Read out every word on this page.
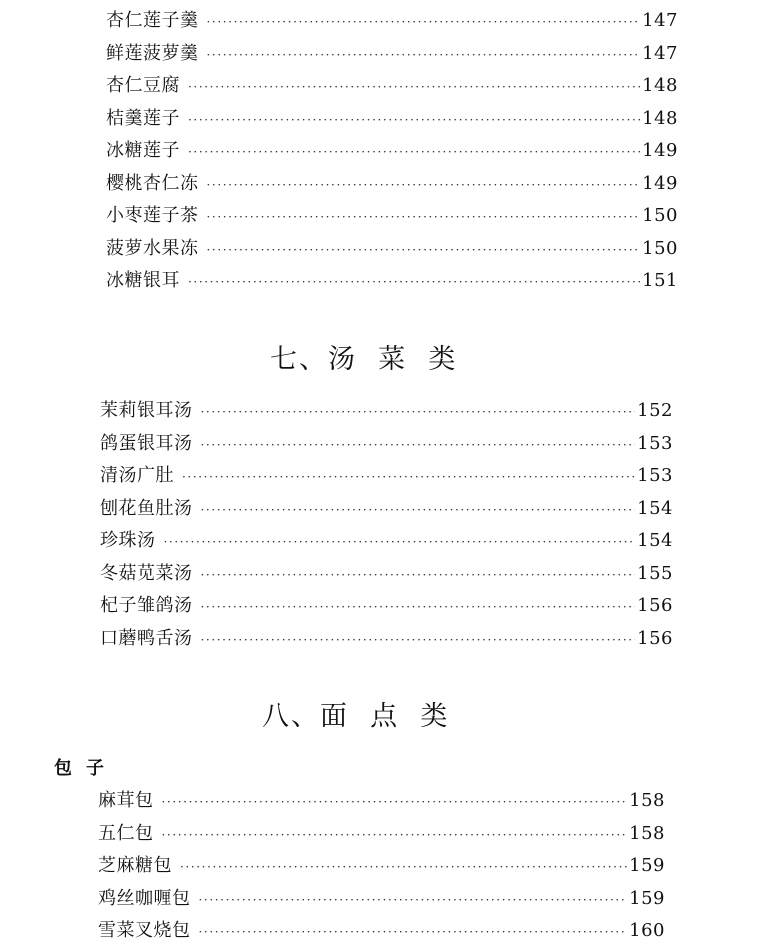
杏仁莲子羹 ·····	147
鲜莲菠萝羹 ·····	147
杏仁豆腐 ·····	148
桔羹莲子 ·····	148
冰糖莲子 ·····	149
樱桃杏仁冻 ·····	149
小枣莲子茶 ·····	150
菠萝水果冻 ·····	150
冰糖银耳 ·····	151
七、汤  菜  类
茉莉银耳汤 ·····	152
鸽蛋银耳汤 ·····	153
清汤广肚 ·····	153
刨花鱼肚汤 ·····	154
珍珠汤 ·····	154
冬菇苋菜汤 ·····	155
杞子雏鸽汤 ·····	156
口蘑鸭舌汤 ·····	156
八、面  点  类
包子
麻茸包 ·····	158
五仁包 ·····	158
芝麻糖包 ·····	159
鸡丝咖喱包 ·····	159
雪菜叉烧包 ·····	160
